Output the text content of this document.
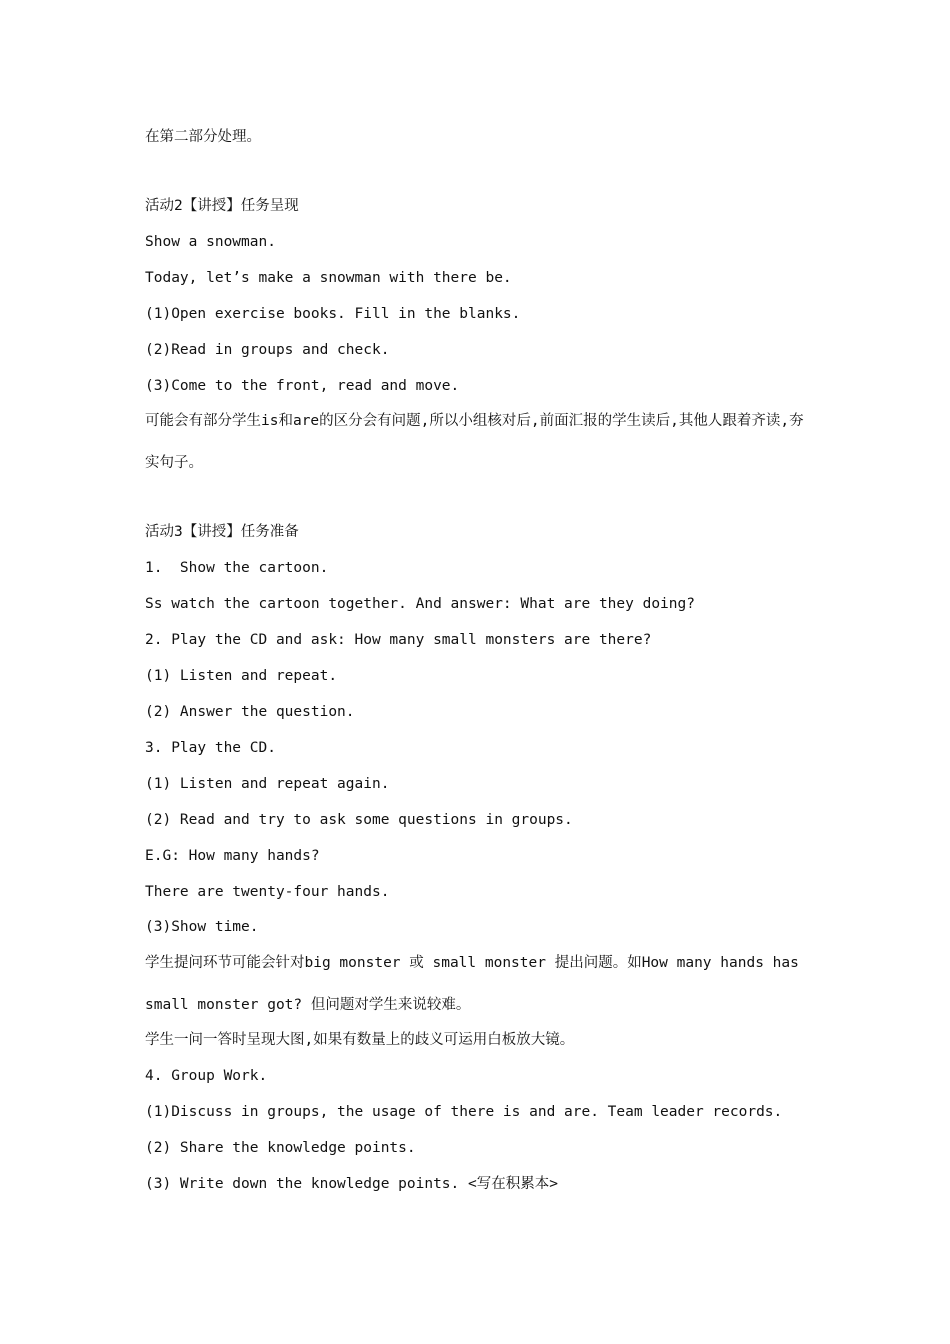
在第二部分处理。
活动2【讲授】任务呈现
Show a snowman.
Today, let’s make a snowman with there be.
(1)Open exercise books. Fill in the blanks.
(2)Read in groups and check.
(3)Come to the front, read and move.
可能会有部分学生is和are的区分会有问题,所以小组核对后,前面汇报的学生读后,其他人跟着齐读,夯实句子。
活动3【讲授】任务准备
1.  Show the cartoon.
Ss watch the cartoon together. And answer: What are they doing?
2. Play the CD and ask: How many small monsters are there?
(1) Listen and repeat.
(2) Answer the question.
3. Play the CD.
(1) Listen and repeat again.
(2) Read and try to ask some questions in groups.
E.G: How many hands?
There are twenty-four hands.
(3)Show time.
学生提问环节可能会针对big monster 或 small monster 提出问题。如How many hands has small monster got? 但问题对学生来说较难。
学生一问一答时呈现大图,如果有数量上的歧义可运用白板放大镜。
4. Group Work.
(1)Discuss in groups, the usage of there is and are. Team leader records.
(2) Share the knowledge points.
(3) Write down the knowledge points. <写在积累本>
